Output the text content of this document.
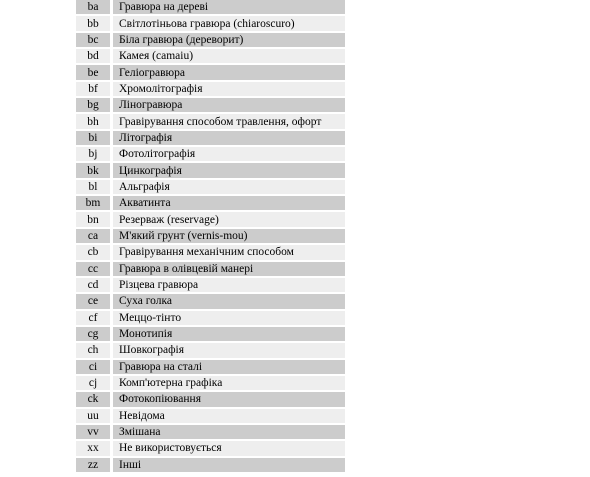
ba		Гравюра на дереві
bb		Світлотіньова гравюра (chiaroscuro)
bc		Біла гравюра (дереворит)
bd		Камея (camaiu)
be		Геліогравюра
bf		Хромолітографія
bg		Ліногравюра
bh		Гравірування способом травлення, офорт
bi		Літографія
bj		Фотолітографія
bk		Цинкографія
bl		Альграфія
bm		Акватинта
bn		Резерваж (reservage)
ca		М'який грунт (vernis-mou)
cb		Гравірування механічним способом
cc		Гравюра в олівцевій манері
cd		Різцева гравюра
ce		Суха голка
cf		Меццо-тінто
cg		Монотипія
ch		Шовкографія
ci		Гравюра на сталі
cj		Комп'ютерна графіка
ck		Фотокопіювання
uu		Невідома
vv		Змішана
xx		Не використовується
zz		Інші
